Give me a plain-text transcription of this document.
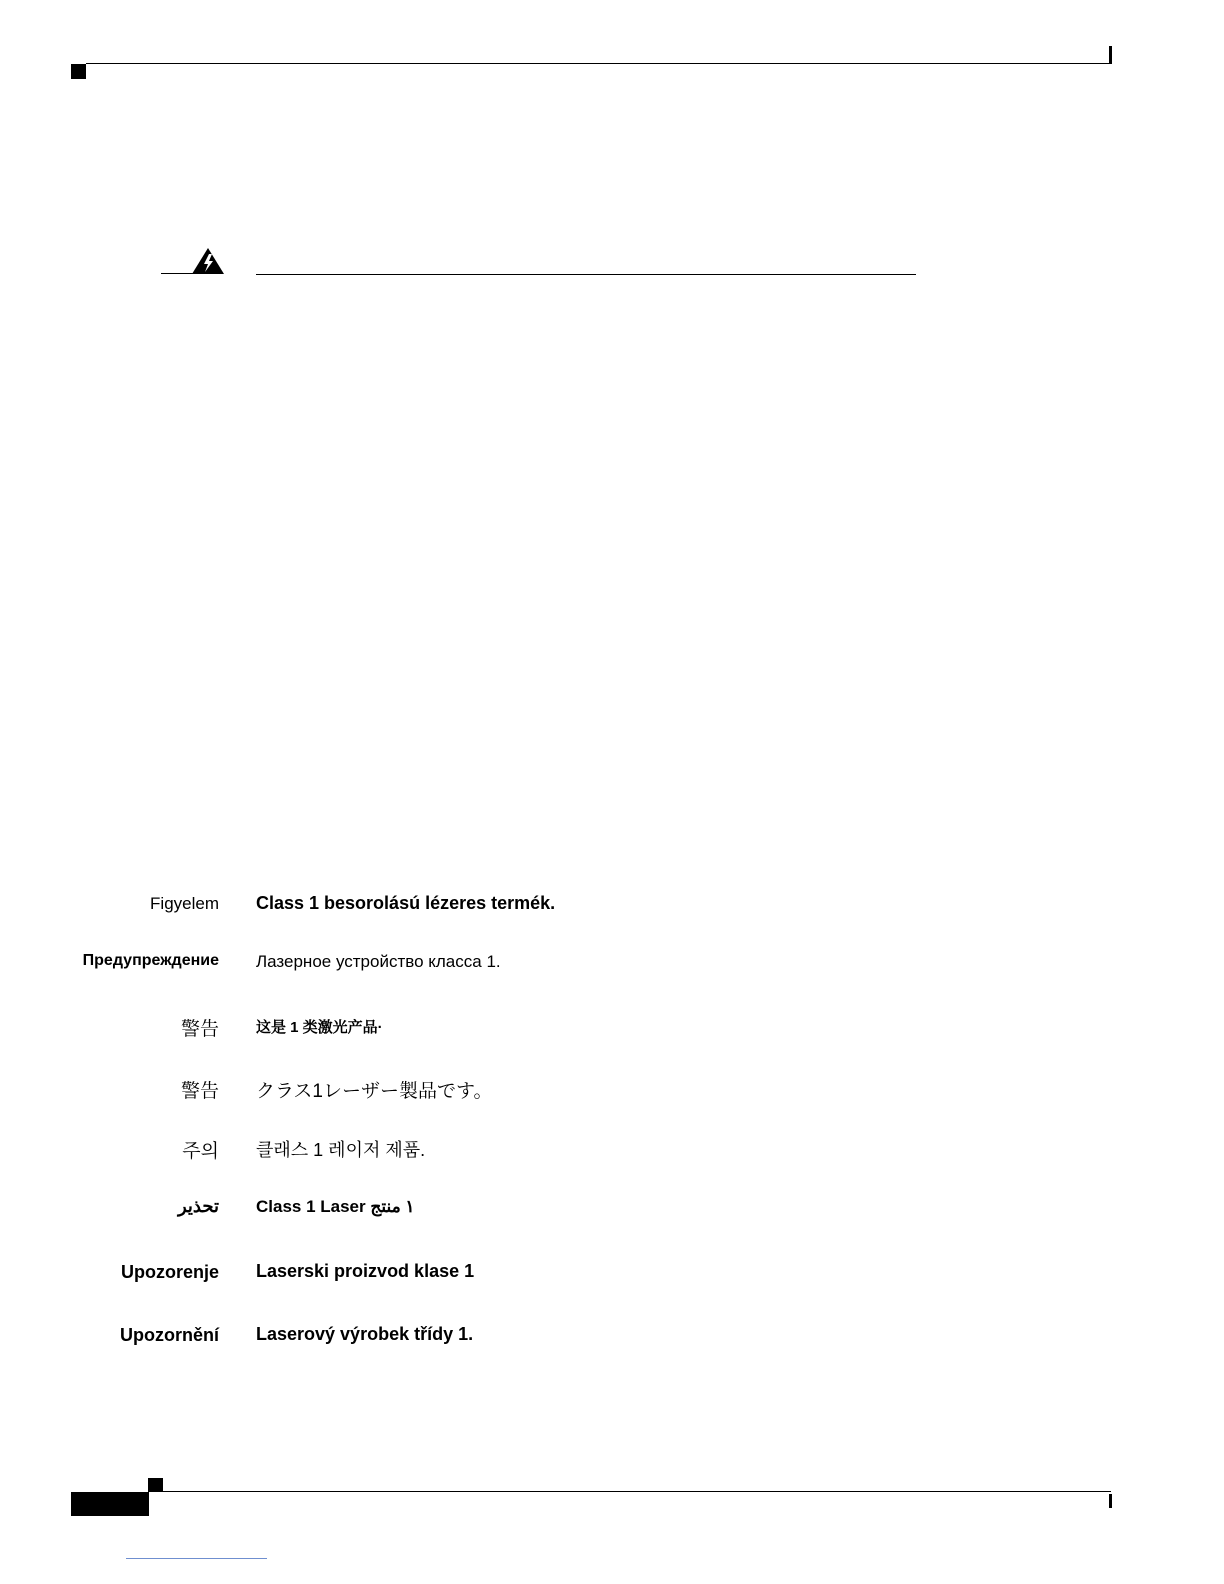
Figyelem Class 1 besorolású lézeres termék.
Предупреждение Лазерное устройство класса 1.
警告 这是 1 类激光产品·
警告 クラス1レーザー製品です。
주의 클래스 1 레이저 제품.
تحذير Class 1 Laser ١ منتج
Upozorenje Laserski proizvod klase 1
Upozornění Laserový výrobek třídy 1.
